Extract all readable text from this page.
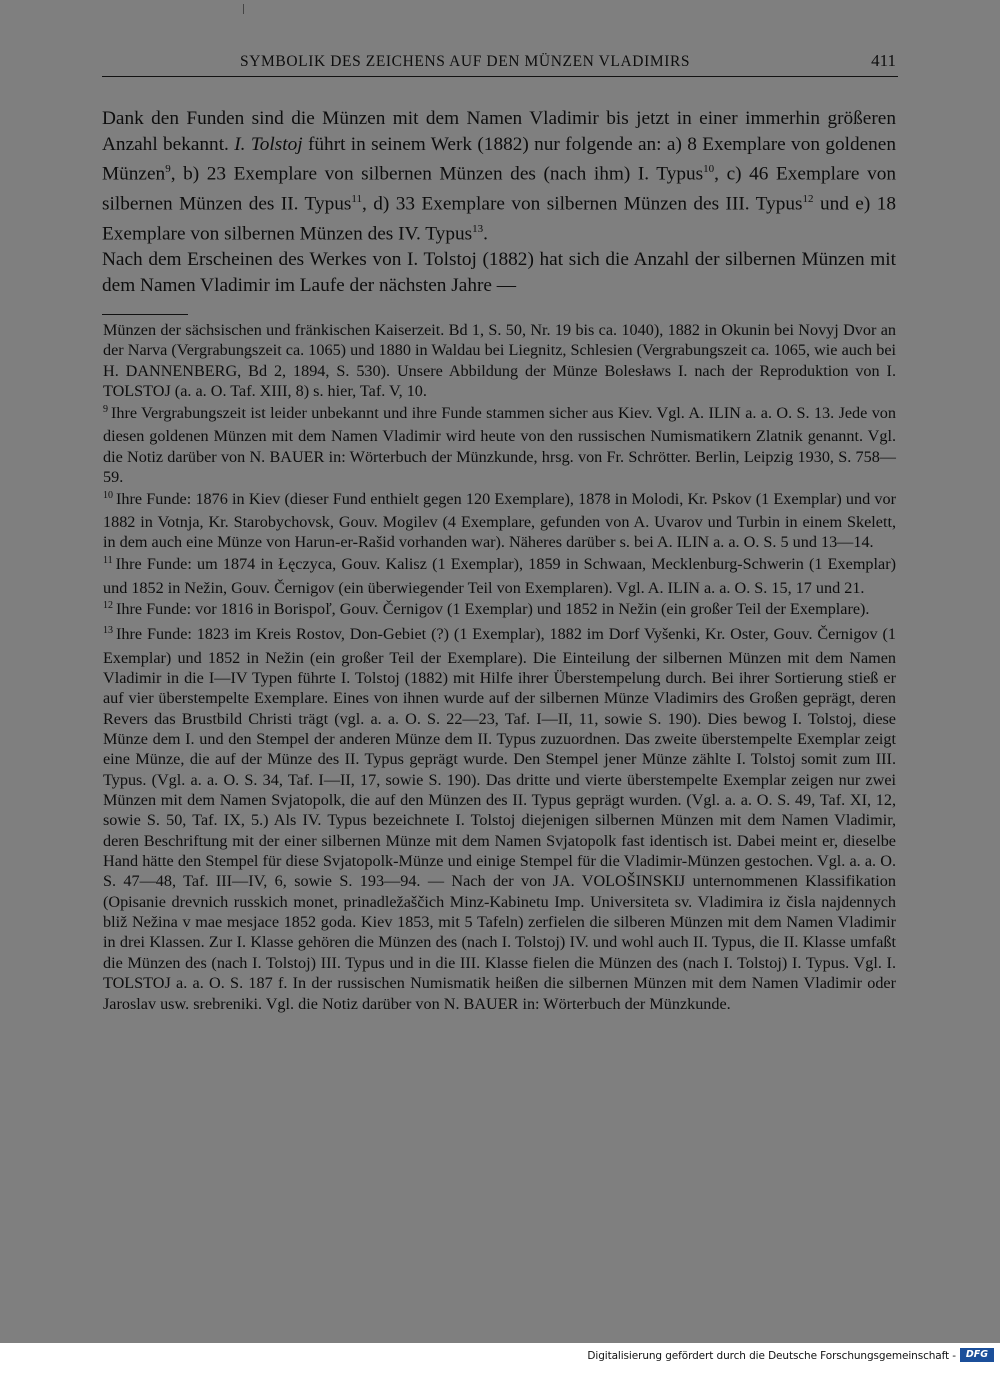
SYMBOLIK DES ZEICHENS AUF DEN MÜNZEN VLADIMIRS	411

Dank den Funden sind die Münzen mit dem Namen Vladimir bis jetzt in einer immerhin größeren Anzahl bekannt. I. Tolstoj führt in seinem Werk (1882) nur folgende an: a) 8 Exemplare von goldenen Münzen$^9$, b) 23 Exemplare von silbernen Münzen des (nach ihm) I. Typus$^{10}$, c) 46 Exemplare von silbernen Münzen des II. Typus$^{11}$, d) 33 Exemplare von silbernen Münzen des III. Typus$^{12}$ und e) 18 Exemplare von silbernen Münzen des IV. Typus$^{13}$.

Nach dem Erscheinen des Werkes von I. Tolstoj (1882) hat sich die Anzahl der silbernen Münzen mit dem Namen Vladimir im Laufe der nächsten Jahre —

Münzen der sächsischen und fränkischen Kaiserzeit. Bd 1, S. 50, Nr. 19 bis ca. 1040), 1882 in Okunin bei Novyj Dvor an der Narva (Vergrabungszeit ca. 1065) und 1880 in Waldau bei Liegnitz, Schlesien (Vergrabungszeit ca. 1065, wie auch bei H. DANNENBERG, Bd 2, 1894, S. 530). Unsere Abbildung der Münze Bolesławs I. nach der Reproduktion von I. TOLSTOJ (a. a. O. Taf. XIII, 8) s. hier, Taf. V, 10.

$^9$ Ihre Vergrabungszeit ist leider unbekannt und ihre Funde stammen sicher aus Kiev. Vgl. A. ILIN a. a. O. S. 13. Jede von diesen goldenen Münzen mit dem Namen Vladimir wird heute von den russischen Numismatikern Zlatnik genannt. Vgl. die Notiz darüber von N. BAUER in: Wörterbuch der Münzkunde, hrsg. von Fr. Schrötter. Berlin, Leipzig 1930, S. 758—59.

$^{10}$ Ihre Funde: 1876 in Kiev (dieser Fund enthielt gegen 120 Exemplare), 1878 in Molodi, Kr. Pskov (1 Exemplar) und vor 1882 in Votnja, Kr. Starobychovsk, Gouv. Mogilev (4 Exemplare, gefunden von A. Uvarov und Turbin in einem Skelett, in dem auch eine Münze von Harun-er-Rašid vorhanden war). Näheres darüber s. bei A. ILIN a. a. O. S. 5 und 13—14.

$^{11}$ Ihre Funde: um 1874 in Łęczyca, Gouv. Kalisz (1 Exemplar), 1859 in Schwaan, Mecklenburg-Schwerin (1 Exemplar) und 1852 in Nežin, Gouv. Černigov (ein überwiegender Teil von Exemplaren). Vgl. A. ILIN a. a. O. S. 15, 17 und 21.

$^{12}$ Ihre Funde: vor 1816 in Borispoľ, Gouv. Černigov (1 Exemplar) und 1852 in Nežin (ein großer Teil der Exemplare).

$^{13}$ Ihre Funde: 1823 im Kreis Rostov, Don-Gebiet (?) (1 Exemplar), 1882 im Dorf Vyšenki, Kr. Oster, Gouv. Černigov (1 Exemplar) und 1852 in Nežin (ein großer Teil der Exemplare). Die Einteilung der silbernen Münzen mit dem Namen Vladimir in die I—IV Typen führte I. Tolstoj (1882) mit Hilfe ihrer Überstempelung durch. Bei ihrer Sortierung stieß er auf vier überstempelte Exemplare. Eines von ihnen wurde auf der silbernen Münze Vladimirs des Großen geprägt, deren Revers das Brustbild Christi trägt (vgl. a. a. O. S. 22—23, Taf. I—II, 11, sowie S. 190). Dies bewog I. Tolstoj, diese Münze dem I. und den Stempel der anderen Münze dem II. Typus zuzuordnen. Das zweite überstempelte Exemplar zeigt eine Münze, die auf der Münze des II. Typus geprägt wurde. Den Stempel jener Münze zählte I. Tolstoj somit zum III. Typus. (Vgl. a. a. O. S. 34, Taf. I—II, 17, sowie S. 190). Das dritte und vierte überstempelte Exemplar zeigen nur zwei Münzen mit dem Namen Svjatopolk, die auf den Münzen des II. Typus geprägt wurden. (Vgl. a. a. O. S. 49, Taf. XI, 12, sowie S. 50, Taf. IX, 5.) Als IV. Typus bezeichnete I. Tolstoj diejenigen silbernen Münzen mit dem Namen Vladimir, deren Beschriftung mit der einer silbernen Münze mit dem Namen Svjatopolk fast identisch ist. Dabei meint er, dieselbe Hand hätte den Stempel für diese Svjatopolk-Münze und einige Stempel für die Vladimir-Münzen gestochen. Vgl. a. a. O. S. 47—48, Taf. III—IV, 6, sowie S. 193—94. — Nach der von JA. VOLOŠINSKIJ unternommenen Klassifikation (Opisanie drevnich russkich monet, prinadležaščich Minz-Kabinetu Imp. Universiteta sv. Vladimira iz čisla najdennych bliž Nežina v mae mesjace 1852 goda. Kiev 1853, mit 5 Tafeln) zerfielen die silberen Münzen mit dem Namen Vladimir in drei Klassen. Zur I. Klasse gehören die Münzen des (nach I. Tolstoj) IV. und wohl auch II. Typus, die II. Klasse umfaßt die Münzen des (nach I. Tolstoj) III. Typus und in die III. Klasse fielen die Münzen des (nach I. Tolstoj) I. Typus. Vgl. I. TOLSTOJ a. a. O. S. 187 f. In der russischen Numismatik heißen die silbernen Münzen mit dem Namen Vladimir oder Jaroslav usw. srebreniki. Vgl. die Notiz darüber von N. BAUER in: Wörterbuch der Münzkunde.

Digitalisierung gefördert durch die Deutsche Forschungsgemeinschaft -	DFG
